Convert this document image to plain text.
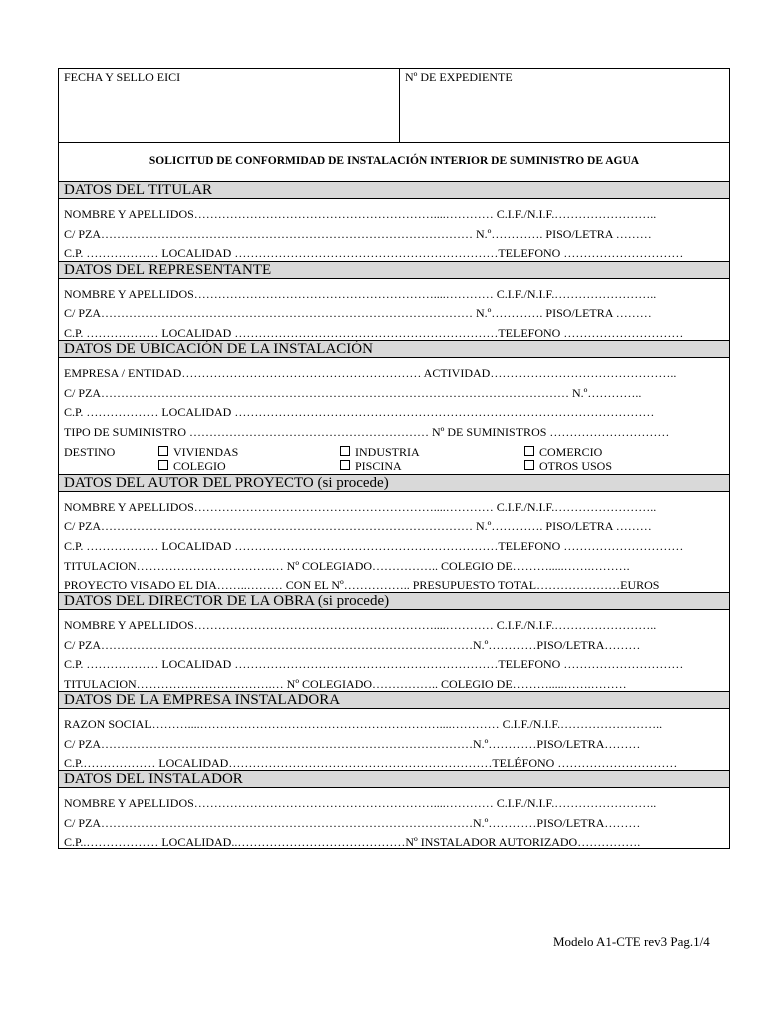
FECHA Y SELLO EICI	Nº DE EXPEDIENTE
SOLICITUD DE CONFORMIDAD DE INSTALACIÓN INTERIOR DE SUMINISTRO DE AGUA
DATOS DEL TITULAR
NOMBRE Y APELLIDOS……………………………………………………....………… C.I.F./N.I.F.……………………..
C/ PZA………………………………………………………………………………… N.º…………. PISO/LETRA ………
C.P. ……………… LOCALIDAD …………………………………………………………TELEFONO …………………………
DATOS DEL REPRESENTANTE
NOMBRE Y APELLIDOS……………………………………………………....………… C.I.F./N.I.F.……………………..
C/ PZA………………………………………………………………………………… N.º…………. PISO/LETRA ………
C.P. ……………… LOCALIDAD …………………………………………………………TELEFONO …………………………
DATOS DE UBICACIÓN DE LA INSTALACIÓN
EMPRESA / ENTIDAD…………………………………………………… ACTIVIDAD………………………………………..
C/ PZA……………………………………………………………………………………………………… N.º…………..
C.P. ……………… LOCALIDAD ……………………………………………………………………………………………
TIPO DE SUMINISTRO …………………………………………………… Nº DE SUMINISTROS …………………………
DESTINO	VIVIENDAS	INDUSTRIA	COMERCIO
COLEGIO	PISCINA	OTROS USOS
DATOS DEL AUTOR DEL PROYECTO (si procede)
NOMBRE Y APELLIDOS……………………………………………………....………… C.I.F./N.I.F.……………………..
C/ PZA………………………………………………………………………………… N.º…………. PISO/LETRA ………
C.P. ……………… LOCALIDAD …………………………………………………………TELEFONO …………………………
TITULACION…………………………….… Nº COLEGIADO…………….. COLEGIO DE……….....…….……….
PROYECTO VISADO EL DIA……..……… CON EL Nº…………….. PRESUPUESTO TOTAL…………………EUROS
DATOS DEL DIRECTOR DE LA OBRA (si procede)
NOMBRE Y APELLIDOS……………………………………………………....………… C.I.F./N.I.F.……………………..
C/ PZA…………………………………………………………………………………N.º…………PISO/LETRA………
C.P. ……………… LOCALIDAD …………………………………………………………TELEFONO …………………………
TITULACION…………………………….… Nº COLEGIADO…………….. COLEGIO DE……….....…….………
DATOS DE LA EMPRESA INSTALADORA
RAZON SOCIAL………....……………………………………………………....………… C.I.F./N.I.F.……………………..
C/ PZA…………………………………………………………………………………N.º…………PISO/LETRA………
C.P.……………… LOCALIDAD…………………………………………………………TELÉFONO …………………………
DATOS DEL INSTALADOR
NOMBRE Y APELLIDOS……………………………………………………....………… C.I.F./N.I.F.……………………..
C/ PZA…………………………………………………………………………………N.º…………PISO/LETRA………
C.P..……………… LOCALIDAD..……………………………………Nº INSTALADOR AUTORIZADO…………….
Modelo A1-CTE rev3 Pag.1/4
